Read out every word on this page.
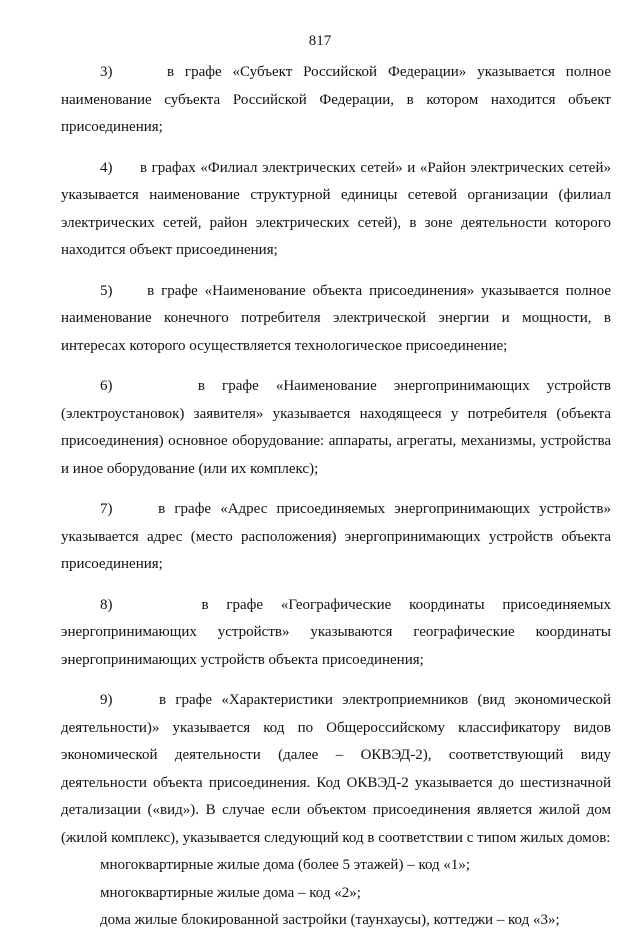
817

3)     в графе «Субъект Российской Федерации» указывается полное наименование субъекта Российской Федерации, в котором находится объект присоединения;

4)      в графах «Филиал электрических сетей» и «Район электрических сетей» указывается наименование структурной единицы сетевой организации (филиал электрических сетей, район электрических сетей), в зоне деятельности которого находится объект присоединения;

5)     в графе «Наименование объекта присоединения» указывается полное наименование конечного потребителя электрической энергии и мощности, в интересах которого осуществляется технологическое присоединение;

6)     в графе «Наименование энергопринимающих устройств (электроустановок) заявителя» указывается находящееся у потребителя (объекта присоединения) основное оборудование: аппараты, агрегаты, механизмы, устройства и иное оборудование (или их комплекс);

7)     в графе «Адрес присоединяемых энергопринимающих устройств» указывается адрес (место расположения) энергопринимающих устройств объекта присоединения;

8)     в графе «Географические координаты присоединяемых энергопринимающих устройств» указываются географические координаты энергопринимающих устройств объекта присоединения;

9)     в графе «Характеристики электроприемников (вид экономической деятельности)» указывается код по Общероссийскому классификатору видов экономической деятельности (далее – ОКВЭД-2), соответствующий виду деятельности объекта присоединения. Код ОКВЭД-2 указывается до шестизначной детализации («вид»). В случае если объектом присоединения является жилой дом (жилой комплекс), указывается следующий код в соответствии с типом жилых домов:

многоквартирные жилые дома (более 5 этажей) – код «1»;

многоквартирные жилые дома – код «2»;

дома жилые блокированной застройки (таунхаусы), коттеджи – код «3»;
